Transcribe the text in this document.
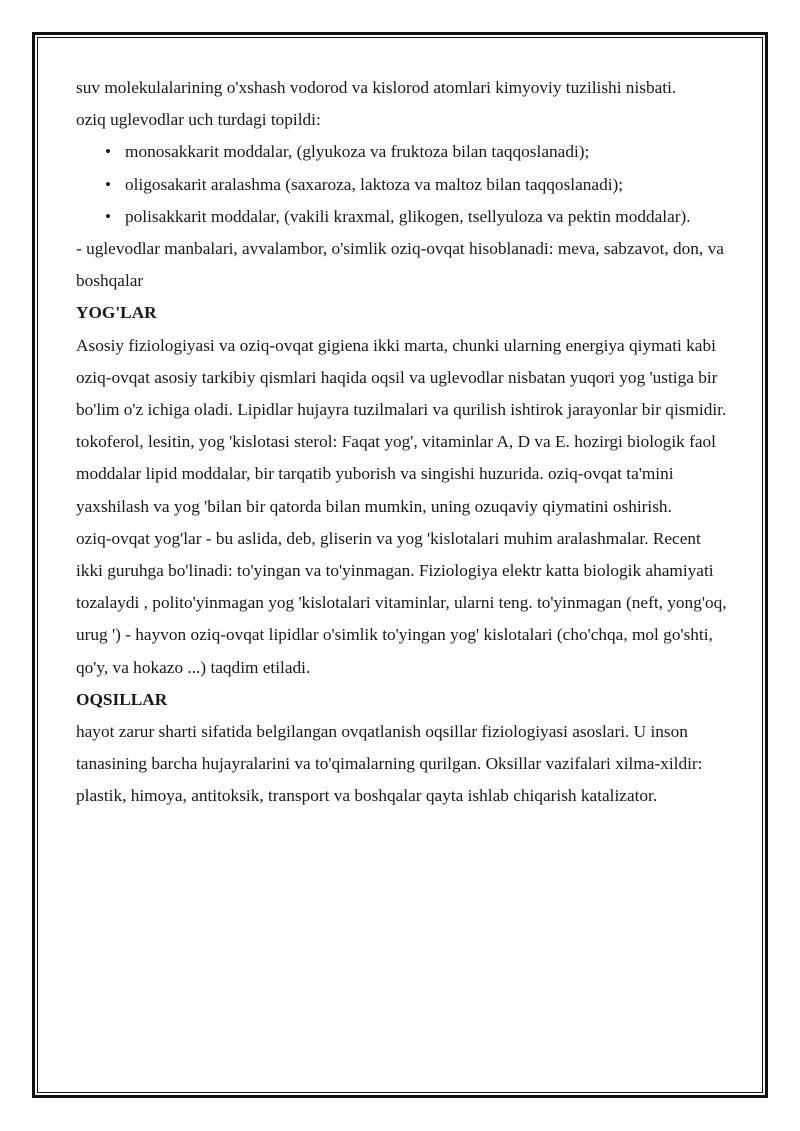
suv molekulalarining o'xshash vodorod va kislorod atomlari kimyoviy tuzilishi nisbati.

oziq uglevodlar uch turdagi topildi:

• monosakkarit moddalar, (glyukoza va fruktoza bilan taqqoslanadi);
• oligosakarit aralashma (saxaroza, laktoza va maltoz bilan taqqoslanadi);
• polisakkarit moddalar, (vakili kraxmal, glikogen, tsellyuloza va pektin moddalar).

- uglevodlar manbalari, avvalambor, o'simlik oziq-ovqat hisoblanadi: meva, sabzavot, don, va boshqalar

YOG'LAR

Asosiy fiziologiyasi va oziq-ovqat gigiena ikki marta, chunki ularning energiya qiymati kabi oziq-ovqat asosiy tarkibiy qismlari haqida oqsil va uglevodlar nisbatan yuqori yog 'ustiga bir bo'lim o'z ichiga oladi. Lipidlar hujayra tuzilmalari va qurilish ishtirok jarayonlar bir qismidir.

tokoferol, lesitin, yog 'kislotasi sterol: Faqat yog', vitaminlar A, D va E. hozirgi biologik faol moddalar lipid moddalar, bir tarqatib yuborish va singishi huzurida. oziq-ovqat ta'mini yaxshilash va yog 'bilan bir qatorda bilan mumkin, uning ozuqaviy qiymatini oshirish.

oziq-ovqat yog'lar - bu aslida, deb, gliserin va yog 'kislotalari muhim aralashmalar. Recent ikki guruhga bo'linadi: to'yingan va to'yinmagan. Fiziologiya elektr katta biologik ahamiyati tozalaydi , polito'yinmagan yog 'kislotalari vitaminlar, ularni teng. to'yinmagan (neft, yong'oq, urug ') - hayvon oziq-ovqat lipidlar o'simlik to'yingan yog' kislotalari (cho'chqa, mol go'shti, qo'y, va hokazo ...) taqdim etiladi.

OQSILLAR

hayot zarur sharti sifatida belgilangan ovqatlanish oqsillar fiziologiyasi asoslari. U inson tanasining barcha hujayralarini va to'qimalarning qurilgan. Oksillar vazifalari xilma-xildir: plastik, himoya, antitoksik, transport va boshqalar qayta ishlab chiqarish katalizator.
